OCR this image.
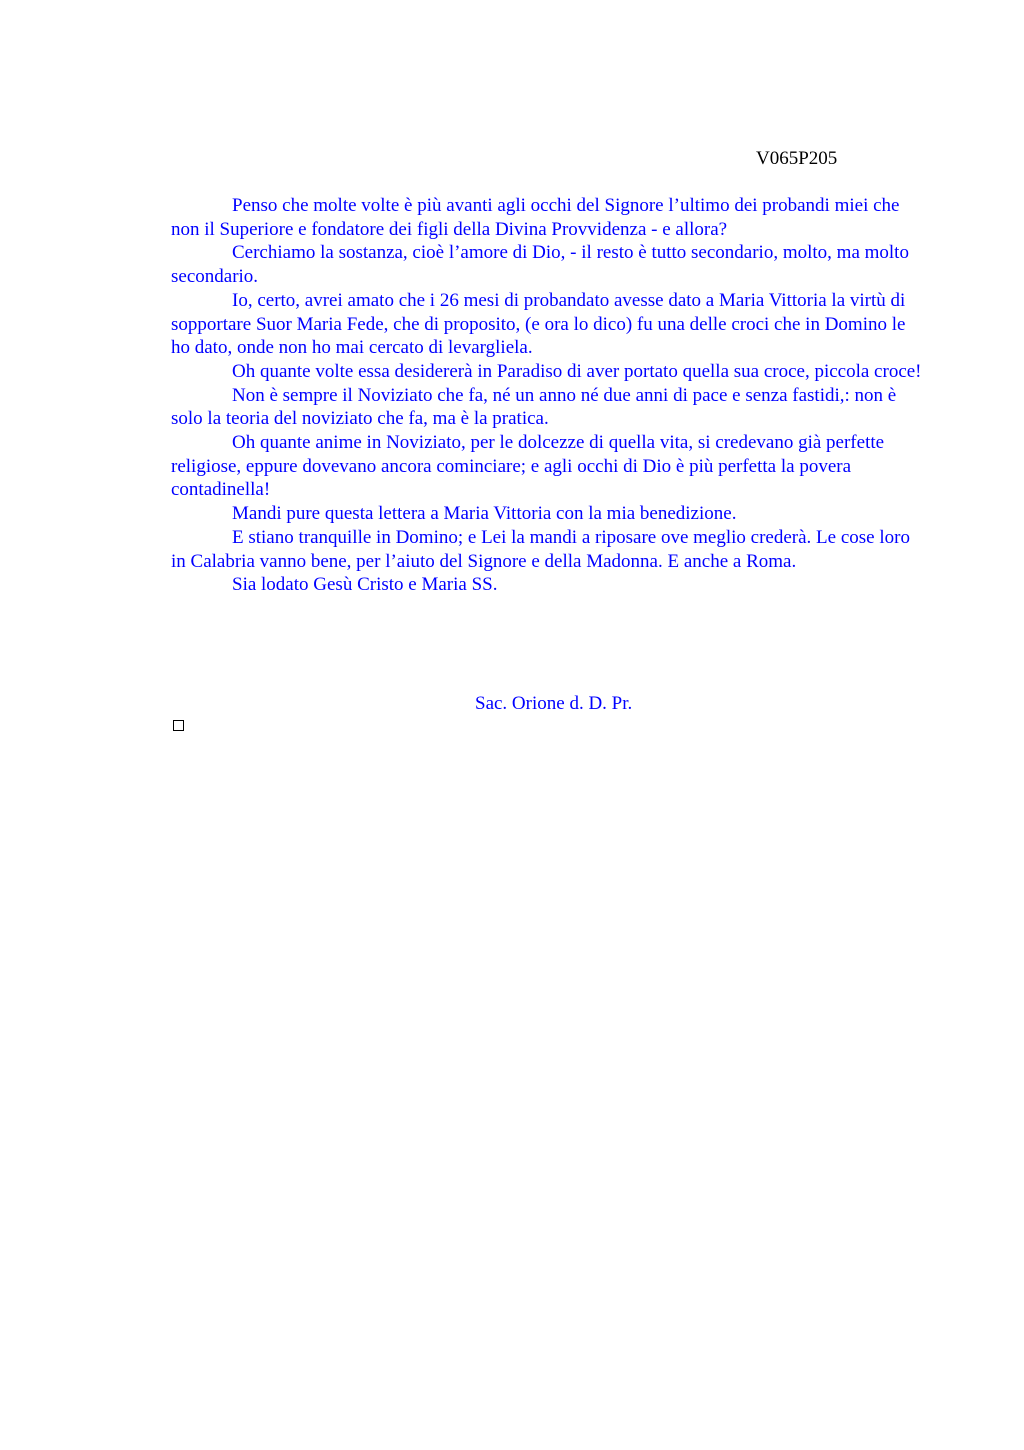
V065P205

Penso che molte volte è più avanti agli occhi del Signore l’ultimo dei probandi miei che non il Superiore e fondatore dei figli della Divina Provvidenza - e allora?

Cerchiamo la sostanza, cioè l’amore di Dio, - il resto è tutto secondario, molto, ma molto secondario.

Io, certo, avrei amato che i 26 mesi di probandato avesse dato a Maria Vittoria la virtù di sopportare Suor Maria Fede, che di proposito, (e ora lo dico) fu una delle croci che in Domino le ho dato, onde non ho mai cercato di levargliela.

Oh quante volte essa desidererà in Paradiso di aver portato quella sua croce, piccola croce!

Non è sempre il Noviziato che fa, né un anno né due anni di pace e senza fastidi,: non è solo la teoria del noviziato che fa, ma è la pratica.

Oh quante anime in Noviziato, per le dolcezze di quella vita, si credevano già perfette religiose, eppure dovevano ancora cominciare; e agli occhi di Dio è più perfetta la povera contadinella!

Mandi pure questa lettera a Maria Vittoria con la mia benedizione.

E stiano tranquille in Domino; e Lei la mandi a riposare ove meglio crederà. Le cose loro in Calabria vanno bene, per l’aiuto del Signore e della Madonna. E anche a Roma.

Sia lodato Gesù Cristo e Maria SS.

Sac. Orione d. D. Pr.
